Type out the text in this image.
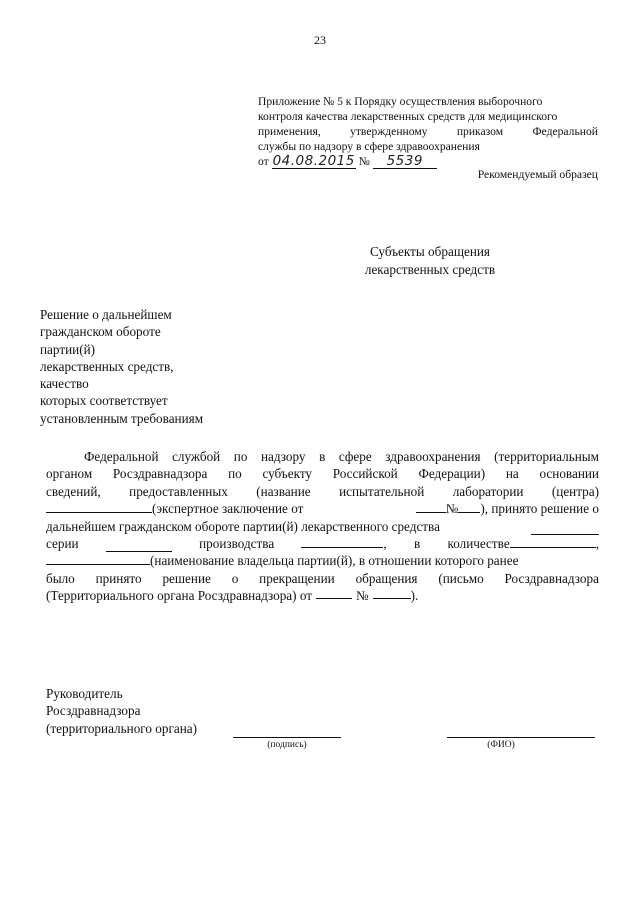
23
Приложение № 5 к Порядку осуществления выборочного
контроля качества лекарственных средств для медицинского
применения,	утвержденному	приказом	Федеральной
службы по надзору в сфере здравоохранения
от 04.08.2015 №	5539
Рекомендуемый образец
Субъекты обращения
лекарственных средств
Решение о дальнейшем
гражданском обороте
партии(й)
лекарственных средств,
качество
которых соответствует
установленным требованиям
Федеральной службой по надзору в сфере здравоохранения (территориальным
органом Росздравнадзора по субъекту Российской Федерации) на основании
сведений, предоставленных (название испытательной лаборатории (центра)
(экспертное заключение от	№ ), принято решение о
дальнейшем гражданском обороте партии(й) лекарственного средства
серии	производства	, в количестве	,
(наименование владельца партии(й), в отношении которого ранее
было принято решение о прекращении обращения (письмо Росздравнадзора
(Территориального органа Росздравнадзора) от	№	).
Руководитель
Росздравнадзора
(территориального органа)
(подпись)	(ФИО)
